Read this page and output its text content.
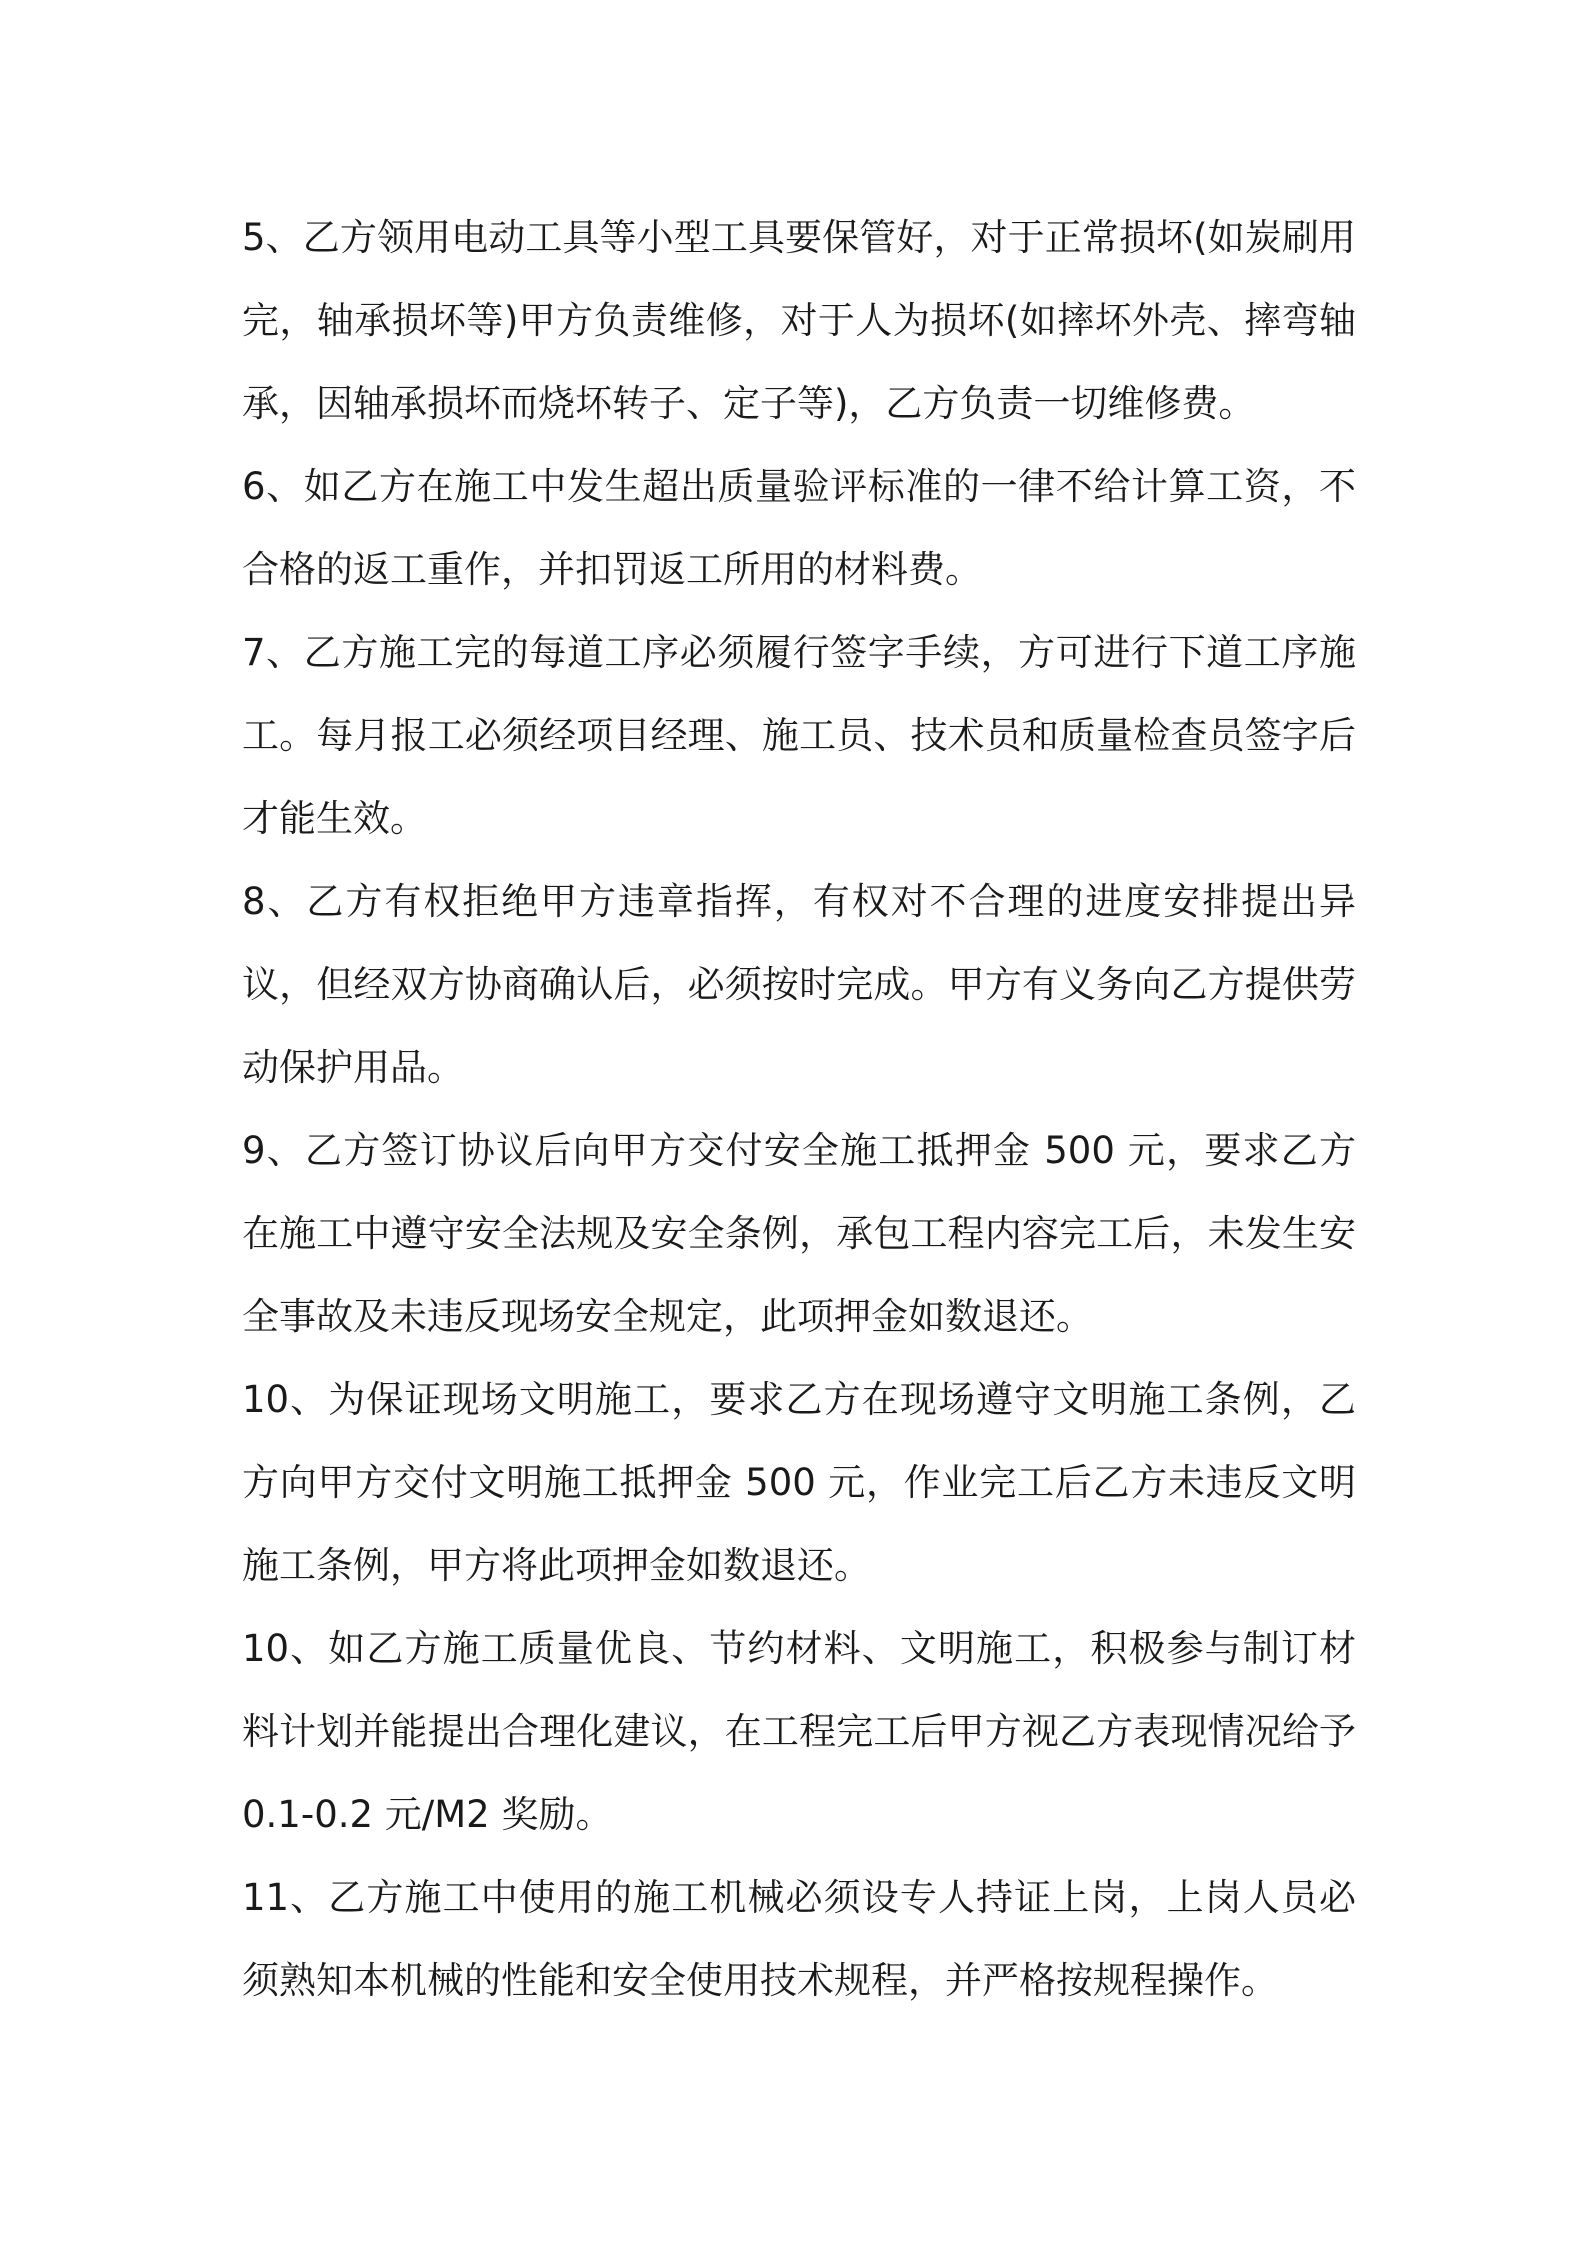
5、乙方领用电动工具等小型工具要保管好，对于正常损坏(如炭刷用完，轴承损坏等)甲方负责维修，对于人为损坏(如摔坏外壳、摔弯轴承，因轴承损坏而烧坏转子、定子等)，乙方负责一切维修费。

6、如乙方在施工中发生超出质量验评标准的一律不给计算工资，不合格的返工重作，并扣罚返工所用的材料费。

7、乙方施工完的每道工序必须履行签字手续，方可进行下道工序施工。每月报工必须经项目经理、施工员、技术员和质量检查员签字后才能生效。

8、乙方有权拒绝甲方违章指挥，有权对不合理的进度安排提出异议，但经双方协商确认后，必须按时完成。甲方有义务向乙方提供劳动保护用品。

9、乙方签订协议后向甲方交付安全施工抵押金 500 元，要求乙方在施工中遵守安全法规及安全条例，承包工程内容完工后，未发生安全事故及未违反现场安全规定，此项押金如数退还。

10、为保证现场文明施工，要求乙方在现场遵守文明施工条例，乙方向甲方交付文明施工抵押金 500 元，作业完工后乙方未违反文明施工条例，甲方将此项押金如数退还。

10、如乙方施工质量优良、节约材料、文明施工，积极参与制订材料计划并能提出合理化建议，在工程完工后甲方视乙方表现情况给予 0.1-0.2 元/M2 奖励。

11、乙方施工中使用的施工机械必须设专人持证上岗，上岗人员必须熟知本机械的性能和安全使用技术规程，并严格按规程操作。
